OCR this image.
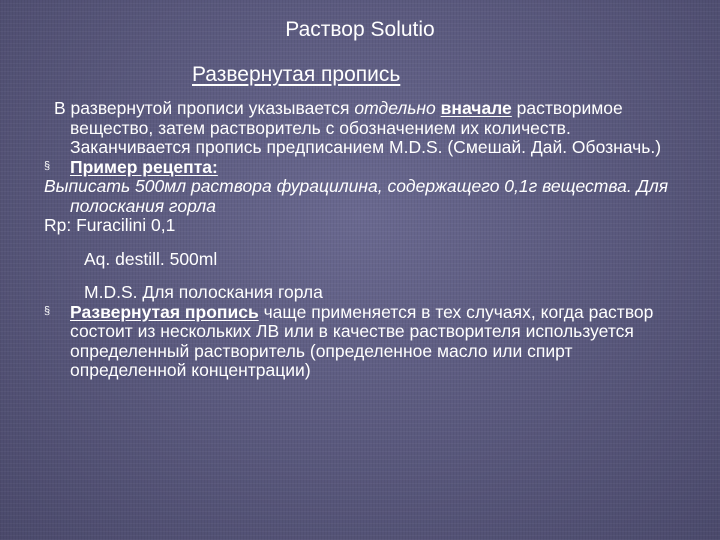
Раствор Solutio
Развернутая пропись

В развернутой прописи указывается отдельно вначале растворимое вещество, затем растворитель с обозначением их количеств. Заканчивается пропись предписанием M.D.S. (Смешай. Дай. Обозначь.)

§ Пример рецепта:

Выписать 500мл раствора фурацилина, содержащего 0,1г вещества. Для полоскания горла

Rp: Furacilini 0,1

Aq. destill. 500ml

M.D.S. Для полоскания горла

§ Развернутая пропись чаще применяется в тех случаях, когда раствор состоит из нескольких ЛВ или в качестве растворителя используется определенный растворитель (определенное масло или спирт определенной концентрации)
